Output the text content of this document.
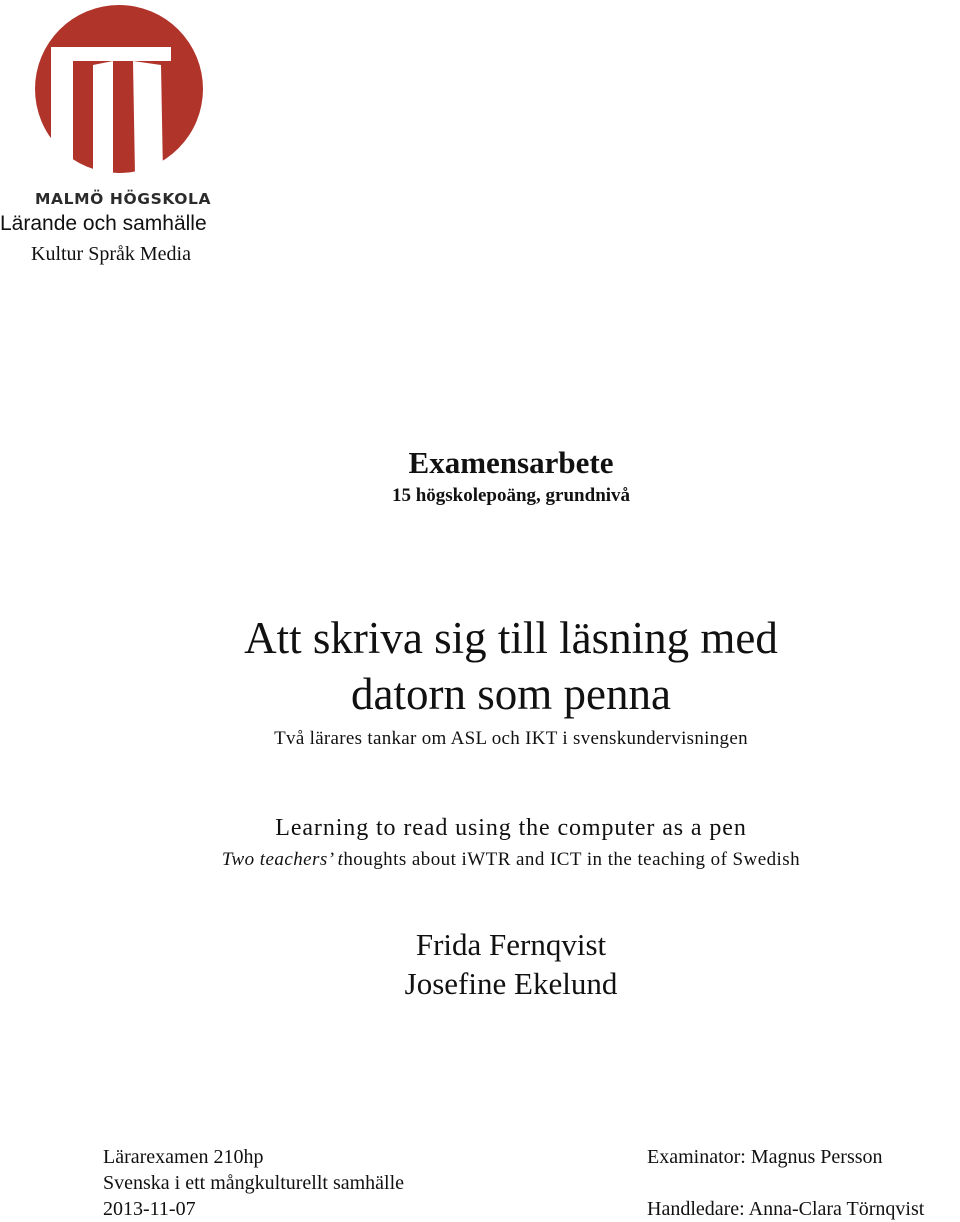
MALMÖ HÖGSKOLA
Lärande och samhälle
Kultur Språk Media
Examensarbete
15 högskolepoäng, grundnivå
Att skriva sig till läsning med
datorn som penna
Två lärares tankar om ASL och IKT i svenskundervisningen
Learning to read using the computer as a pen
Two teachers’ thoughts about iWTR and ICT in the teaching of Swedish
Frida Fernqvist
Josefine Ekelund
Lärarexamen 210hp
Svenska i ett mångkulturellt samhälle
2013-11-07
Examinator: Magnus Persson
Handledare: Anna-Clara Törnqvist
